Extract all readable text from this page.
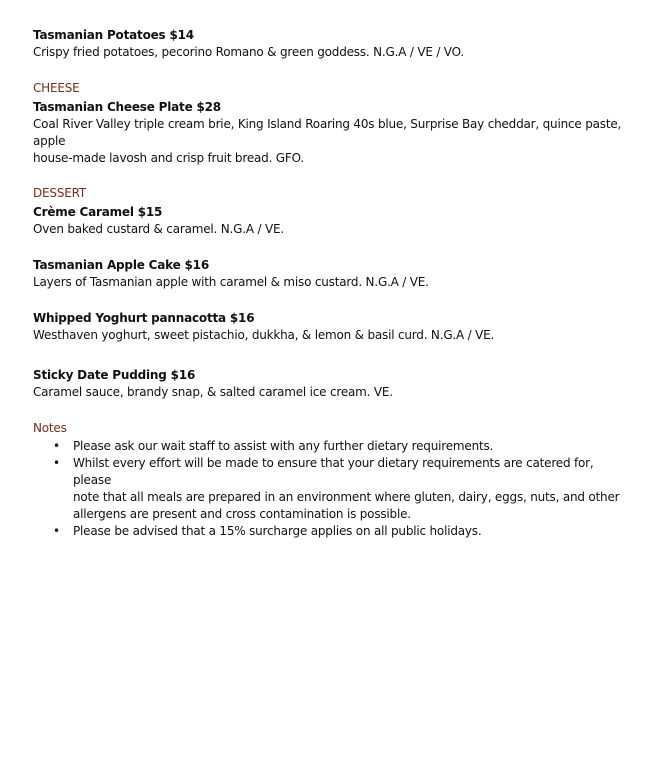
Tasmanian Potatoes $14
Crispy fried potatoes, pecorino Romano & green goddess. N.G.A / VE / VO.
CHEESE
Tasmanian Cheese Plate $28
Coal River Valley triple cream brie, King Island Roaring 40s blue, Surprise Bay cheddar, quince paste, apple
house-made lavosh and crisp fruit bread. GFO.
DESSERT
Crème Caramel $15
Oven baked custard & caramel. N.G.A / VE.
Tasmanian Apple Cake $16
Layers of Tasmanian apple with caramel & miso custard. N.G.A / VE.
Whipped Yoghurt pannacotta $16
Westhaven yoghurt, sweet pistachio, dukkha, & lemon & basil curd. N.G.A / VE.
Sticky Date Pudding $16
Caramel sauce, brandy snap, & salted caramel ice cream. VE.
Notes
• Please ask our wait staff to assist with any further dietary requirements.
• Whilst every effort will be made to ensure that your dietary requirements are catered for, please
note that all meals are prepared in an environment where gluten, dairy, eggs, nuts, and other
allergens are present and cross contamination is possible.
• Please be advised that a 15% surcharge applies on all public holidays.
